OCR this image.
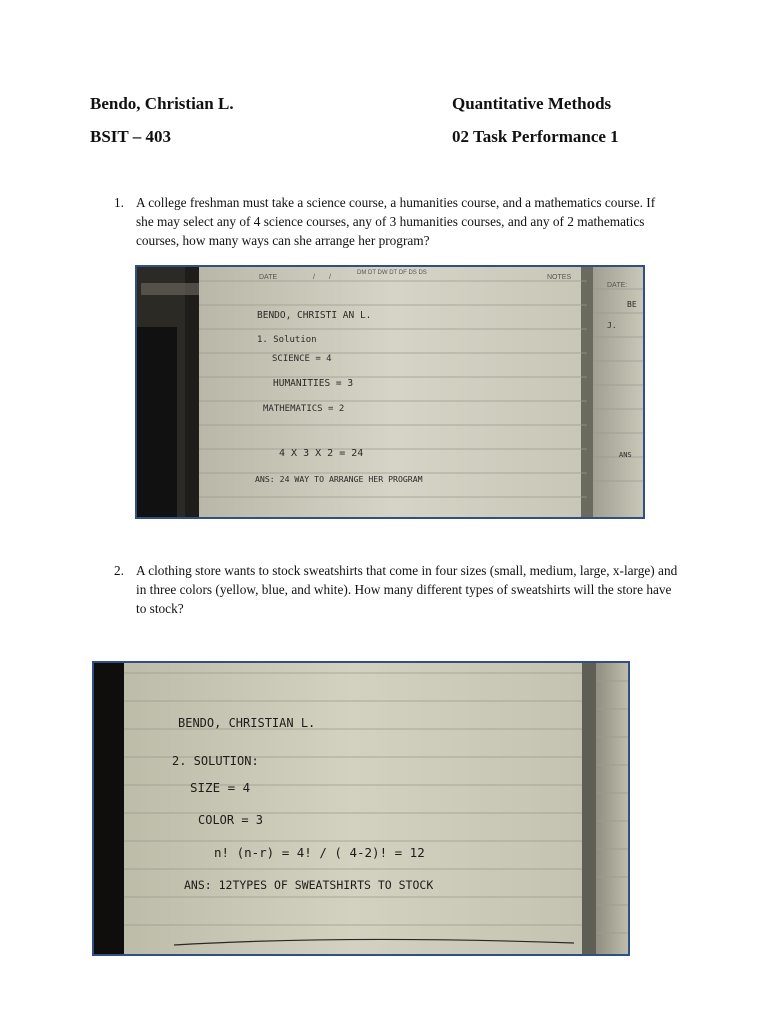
Bendo, Christian L.
BSIT – 403
Quantitative Methods
02 Task Performance 1
1. A college freshman must take a science course, a humanities course, and a mathematics course. If she may select any of 4 science courses, any of 3 humanities courses, and any of 2 mathematics courses, how many ways can she arrange her program?
DATE	/ /
DM DT DW DT DF DS DS
NOTES
DATE:
BENDO, CHRISTI AN L.
1. Solution
SCIENCE = 4
HUMANITIES = 3
MATHEMATICS = 2
4 X 3 X 2 = 24
ANS: 24 WAY TO ARRANGE HER PROGRAM
BE
J.
ANS
2. A clothing store wants to stock sweatshirts that come in four sizes (small, medium, large, x-large) and in three colors (yellow, blue, and white). How many different types of sweatshirts will the store have to stock?
BENDO, CHRISTIAN L.
2. SOLUTION:
SIZE = 4
COLOR = 3
n! (n-r) = 4! / ( 4-2)! = 12
ANS: 12TYPES OF SWEATSHIRTS TO STOCK
